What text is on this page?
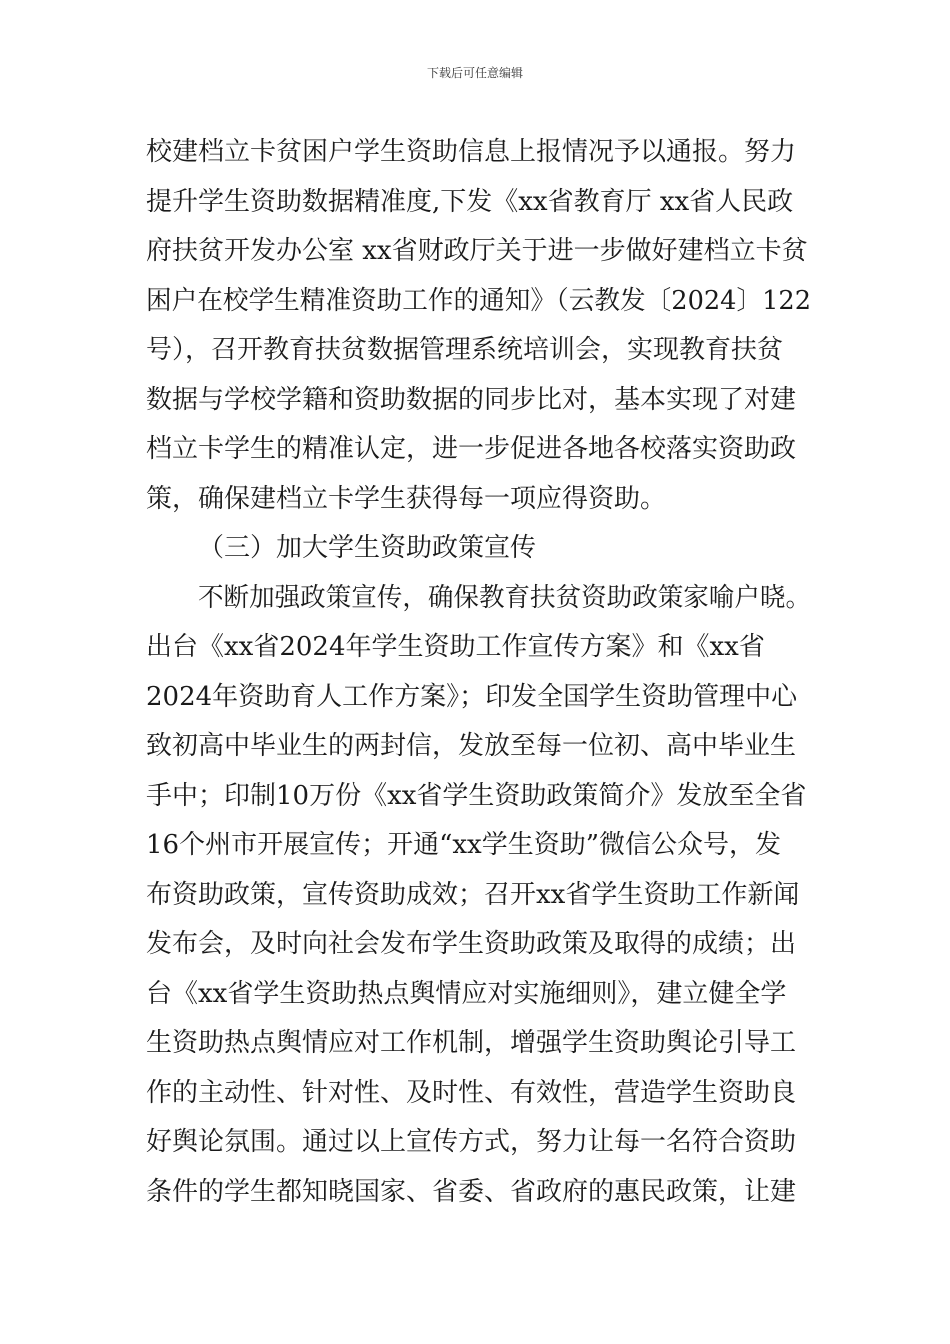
下载后可任意编辑
校建档立卡贫困户学生资助信息上报情况予以通报。努力
提升学生资助数据精准度,下发《xx省教育厅 xx省人民政
府扶贫开发办公室 xx省财政厅关于进一步做好建档立卡贫
困户在校学生精准资助工作的通知》（云教发〔2024〕122
号），召开教育扶贫数据管理系统培训会，实现教育扶贫
数据与学校学籍和资助数据的同步比对，基本实现了对建
档立卡学生的精准认定，进一步促进各地各校落实资助政
策，确保建档立卡学生获得每一项应得资助。
（三）加大学生资助政策宣传
不断加强政策宣传，确保教育扶贫资助政策家喻户晓。
出台《xx省2024年学生资助工作宣传方案》和《xx省
2024年资助育人工作方案》；印发全国学生资助管理中心
致初高中毕业生的两封信，发放至每一位初、高中毕业生
手中；印制10万份《xx省学生资助政策简介》发放至全省
16个州市开展宣传；开通“xx学生资助”微信公众号，发
布资助政策，宣传资助成效；召开xx省学生资助工作新闻
发布会，及时向社会发布学生资助政策及取得的成绩；出
台《xx省学生资助热点舆情应对实施细则》，建立健全学
生资助热点舆情应对工作机制，增强学生资助舆论引导工
作的主动性、针对性、及时性、有效性，营造学生资助良
好舆论氛围。通过以上宣传方式，努力让每一名符合资助
条件的学生都知晓国家、省委、省政府的惠民政策，让建
